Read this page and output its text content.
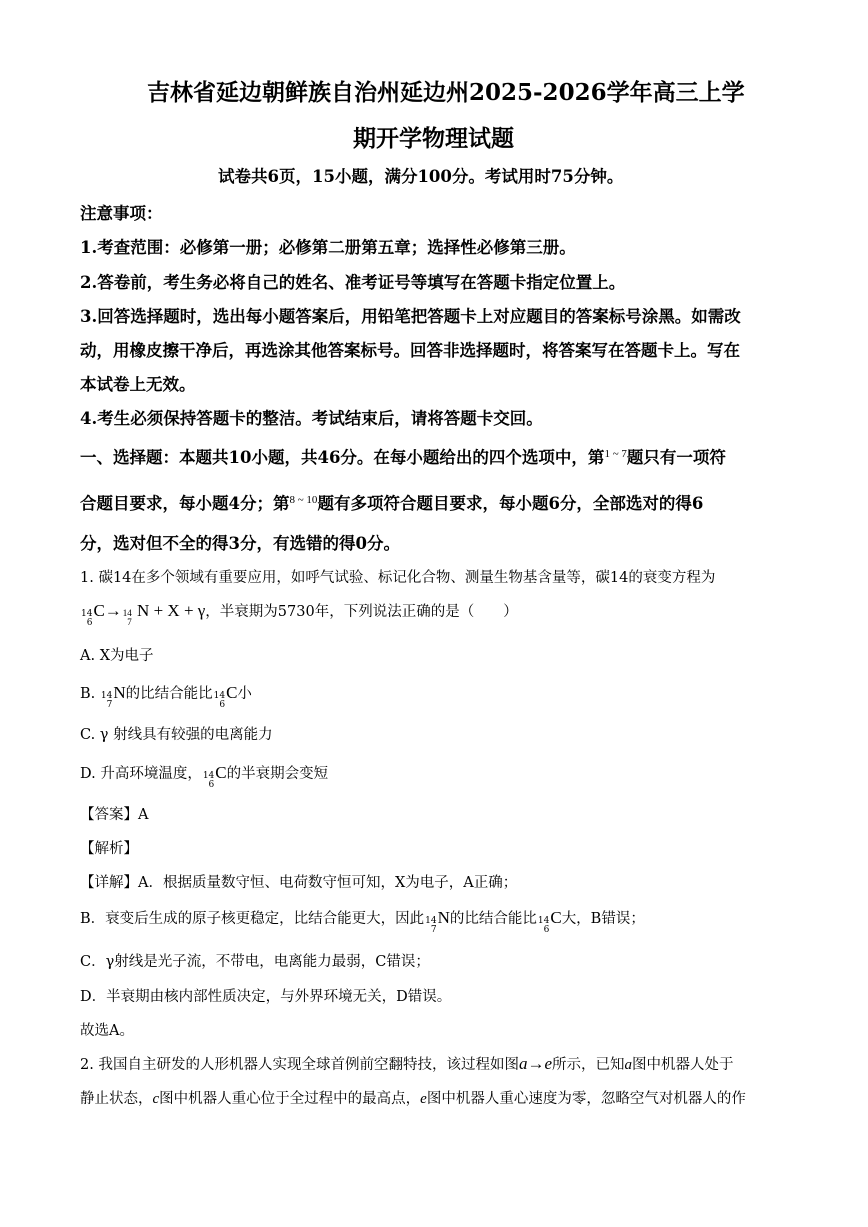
吉林省延边朝鲜族自治州延边州2025-2026学年高三上学
期开学物理试题
试卷共6页，15小题，满分100分。考试用时75分钟。
注意事项：
1.考查范围：必修第一册；必修第二册第五章；选择性必修第三册。
2.答卷前，考生务必将自己的姓名、准考证号等填写在答题卡指定位置上。
3.回答选择题时，选出每小题答案后，用铅笔把答题卡上对应题目的答案标号涂黑。如需改
动，用橡皮擦干净后，再选涂其他答案标号。回答非选择题时，将答案写在答题卡上。写在
本试卷上无效。
4.考生必须保持答题卡的整洁。考试结束后，请将答题卡交回。
一、选择题：本题共10小题，共46分。在每小题给出的四个选项中，第$^{1 \sim 7}$题只有一项符
合题目要求，每小题4分；第$^{8 \sim 10}$题有多项符合题目要求，每小题6分，全部选对的得6
分，选对但不全的得3分，有选错的得0分。
1. 碳14在多个领域有重要应用，如呼气试验、标记化合物、测量生物基含量等，碳14的衰变方程为
14
6
C→ 14
7
N + X + γ，半衰期为5730年，下列说法正确的是（　　）
A. X为电子
B. 14
7
N的比结合能比 14
6
C小
C. γ 射线具有较强的电离能力
D. 升高环境温度， 14
6
C的半衰期会变短
【答案】A
【解析】
【详解】A．根据质量数守恒、电荷数守恒可知，X为电子，A正确；
B．衰变后生成的原子核更稳定，比结合能更大，因此 14
7
N的比结合能比 14
6
C大，B错误；
C．γ射线是光子流，不带电，电离能力最弱，C错误；
D．半衰期由核内部性质决定，与外界环境无关，D错误。
故选A。
2. 我国自主研发的人形机器人实现全球首例前空翻特技，该过程如图a→e所示，已知a图中机器人处于
静止状态，c图中机器人重心位于全过程中的最高点，e图中机器人重心速度为零，忽略空气对机器人的作
